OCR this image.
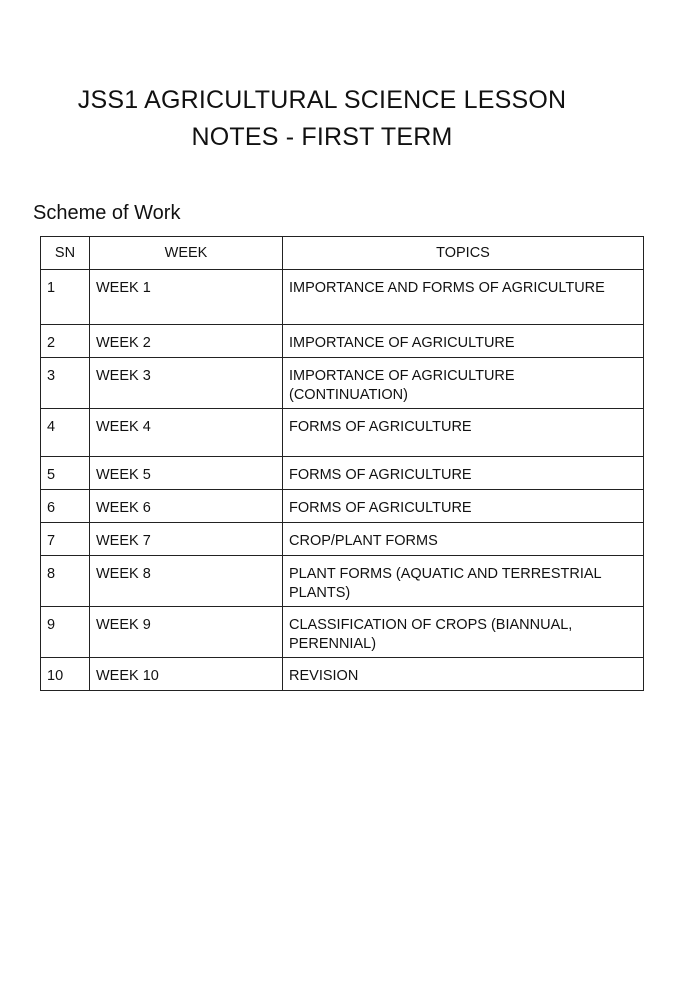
JSS1 AGRICULTURAL SCIENCE LESSON
NOTES - FIRST TERM
Scheme of Work
SN	WEEK	TOPICS
1	WEEK 1	IMPORTANCE AND FORMS OF AGRICULTURE
2	WEEK 2	IMPORTANCE OF AGRICULTURE
3	WEEK 3	IMPORTANCE OF AGRICULTURE (CONTINUATION)
4	WEEK 4	FORMS OF AGRICULTURE
5	WEEK 5	FORMS OF AGRICULTURE
6	WEEK 6	FORMS OF AGRICULTURE
7	WEEK 7	CROP/PLANT FORMS
8	WEEK 8	PLANT FORMS (AQUATIC AND TERRESTRIAL PLANTS)
9	WEEK 9	CLASSIFICATION OF CROPS (BIANNUAL, PERENNIAL)
10	WEEK 10	REVISION
